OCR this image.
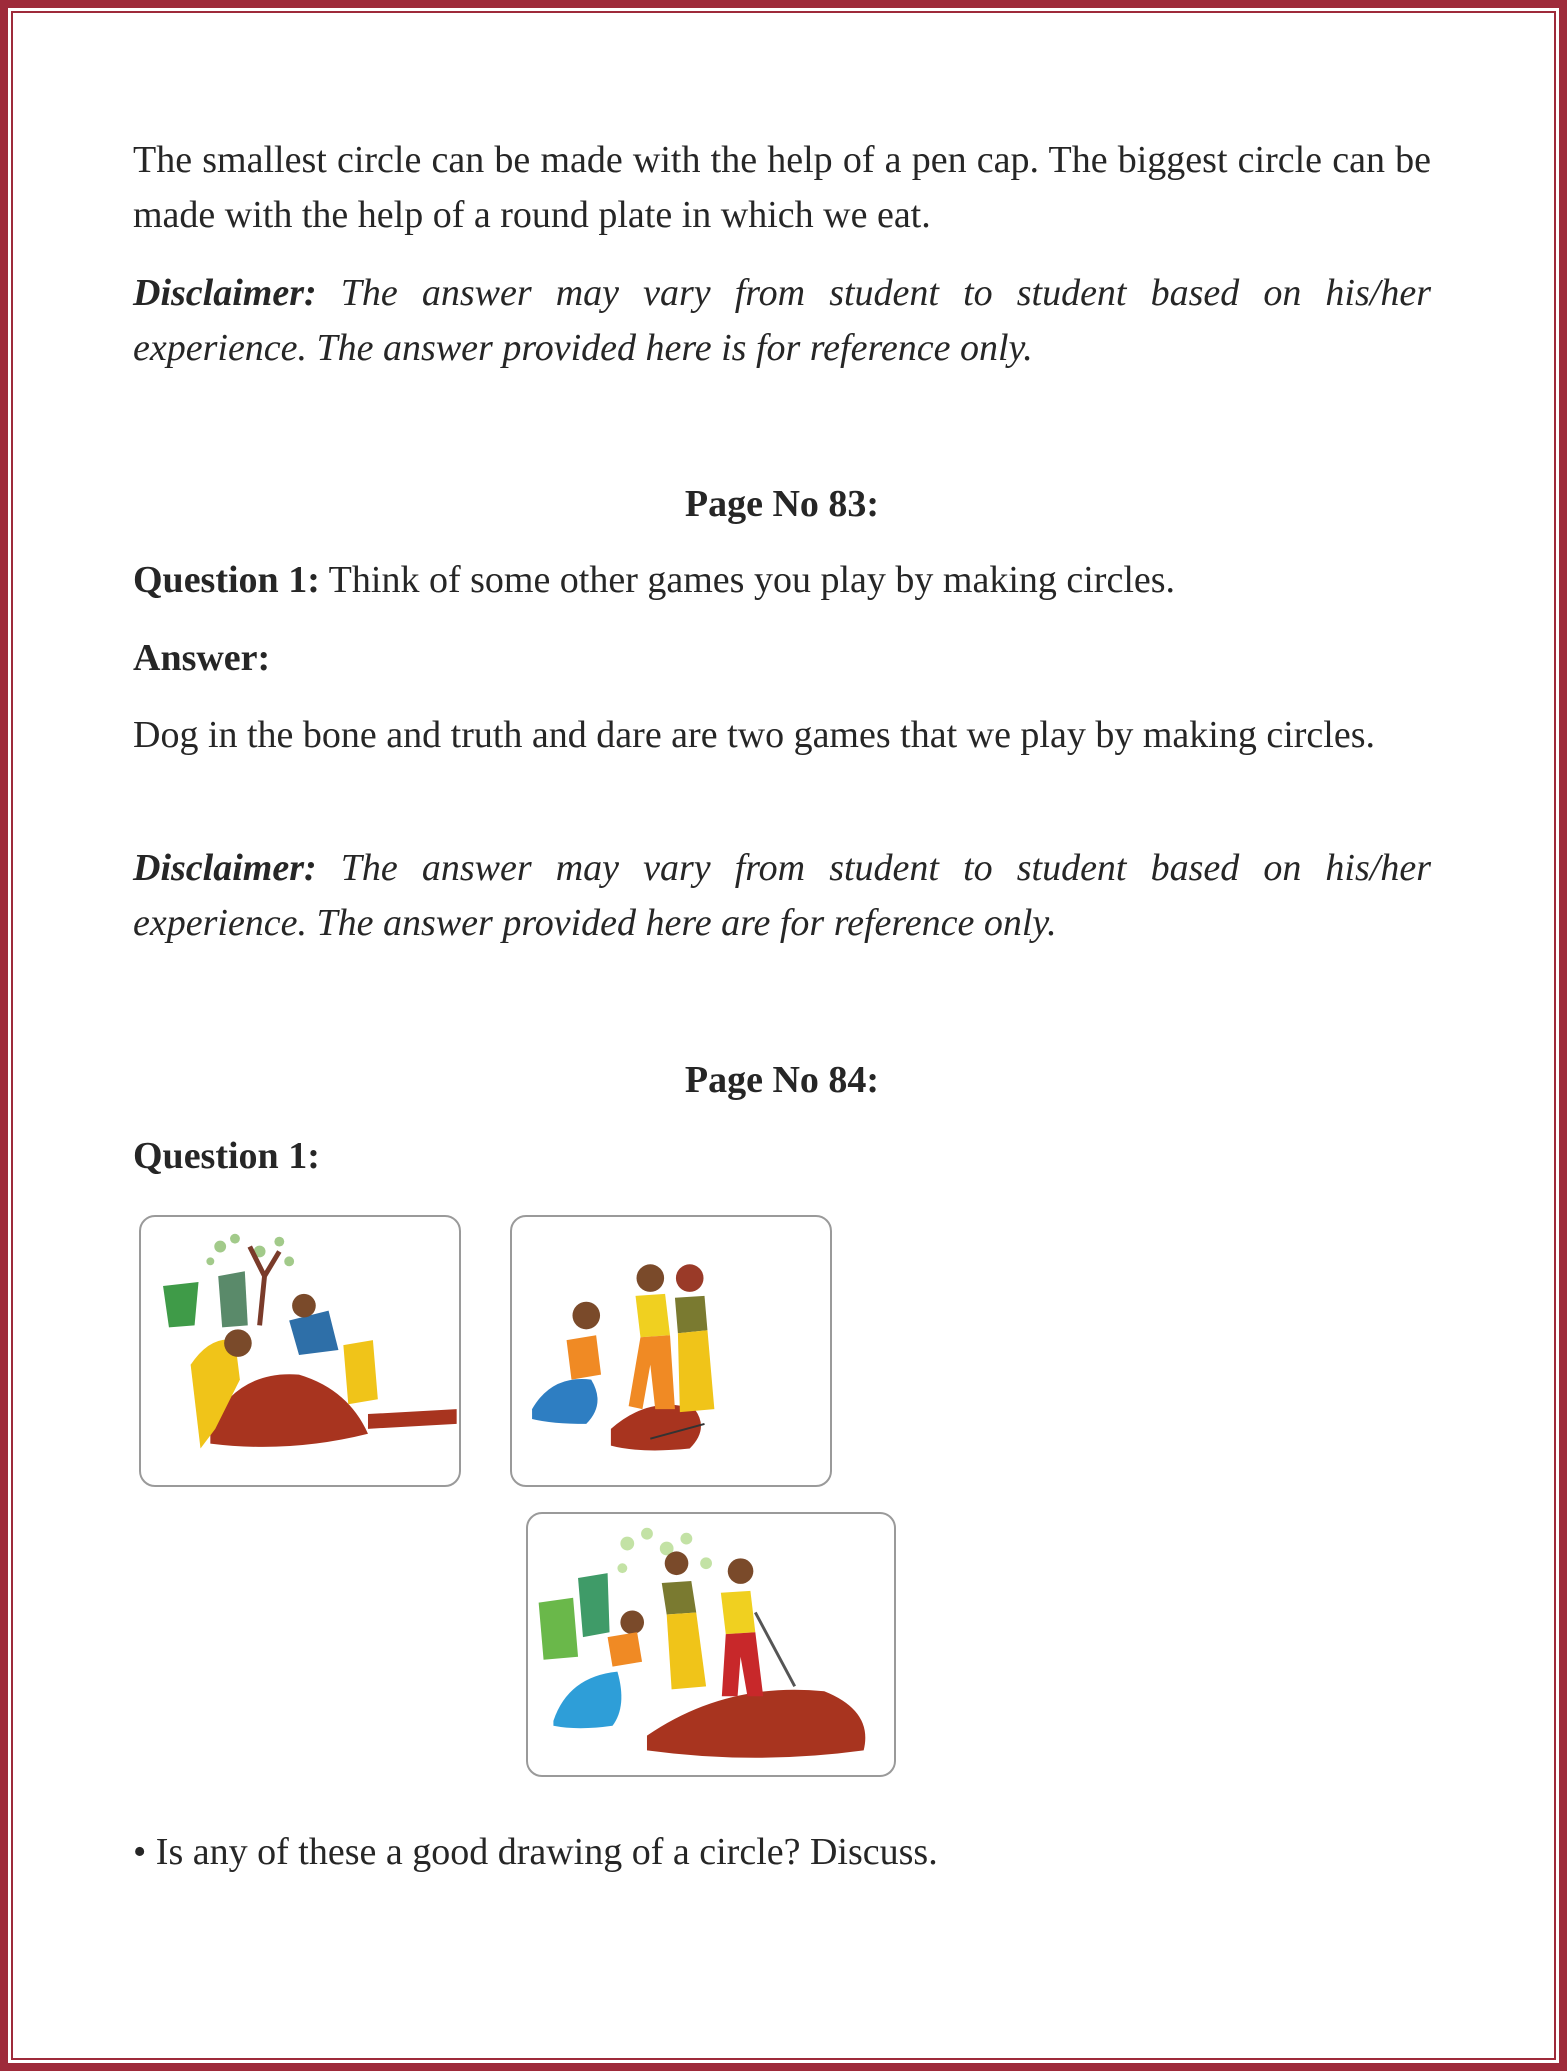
The smallest circle can be made with the help of a pen cap. The biggest circle can be made with the help of a round plate in which we eat.
Disclaimer: The answer may vary from student to student based on his/her experience. The answer provided here is for reference only.
Page No 83:
Question 1: Think of some other games you play by making circles.
Answer:
Dog in the bone and truth and dare are two games that we play by making circles.
Disclaimer: The answer may vary from student to student based on his/her experience. The answer provided here are for reference only.
Page No 84:
Question 1:
• Is any of these a good drawing of a circle? Discuss.
